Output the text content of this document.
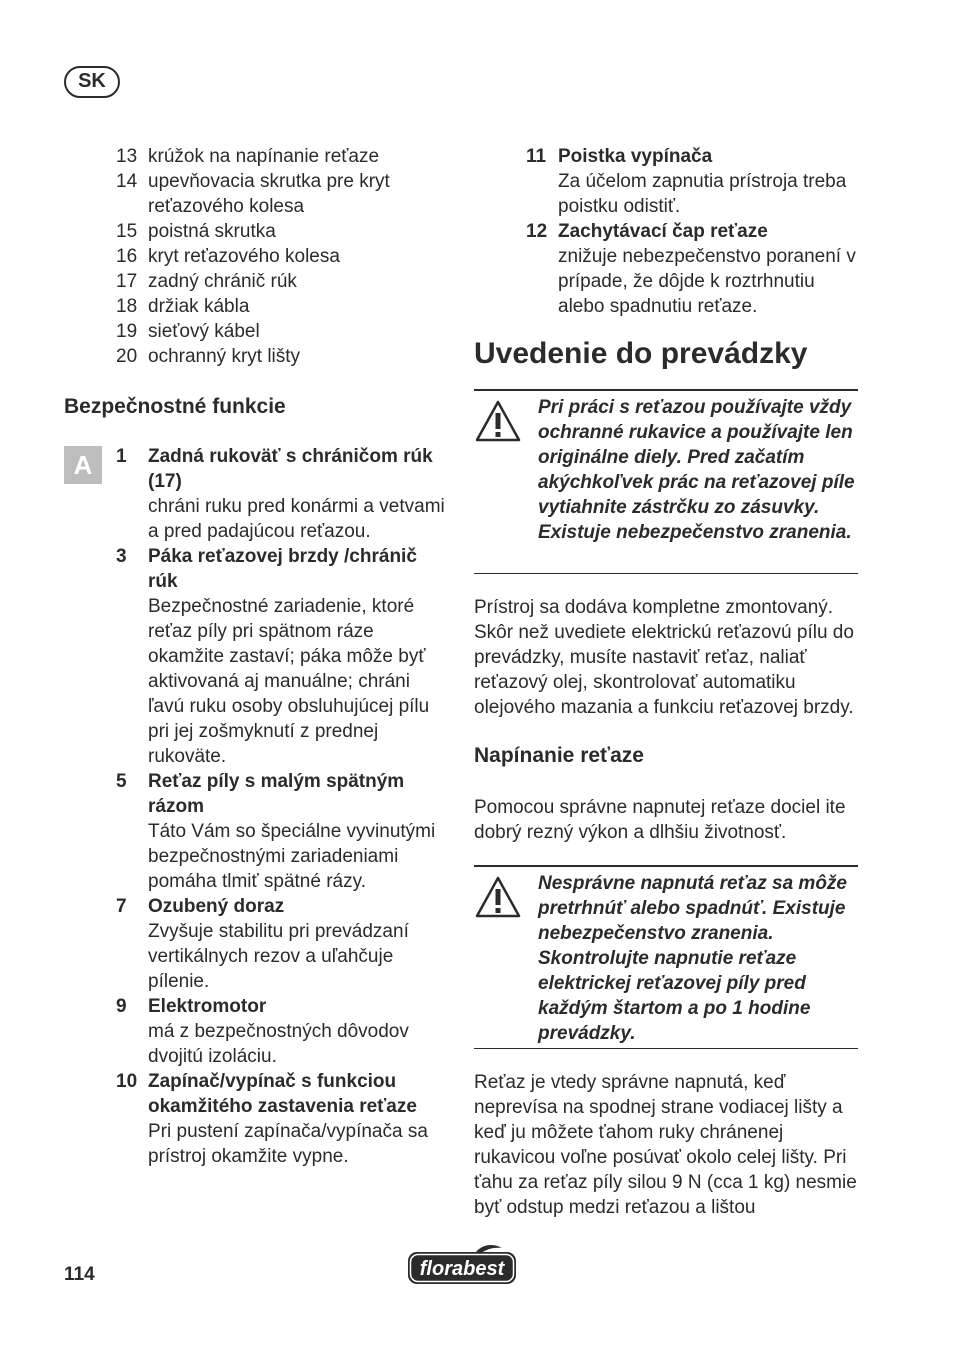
SK
13 krúžok na napínanie reťaze
14 upevňovacia skrutka pre kryt reťazového kolesa
15 poistná skrutka
16 kryt reťazového kolesa
17 zadný chránič rúk
18 držiak kábla
19 sieťový kábel
20 ochranný kryt lišty
Bezpečnostné funkcie
A	1	Zadná rukoväť s chráničom rúk (17)
chráni ruku pred konármi a vetvami a pred padajúcou reťazou.
3	Páka reťazovej brzdy /chránič rúk
Bezpečnostné zariadenie, ktoré reťaz píly pri spätnom ráze okamžite zastaví; páka môže byť aktivovaná aj manuálne; chráni ľavú ruku osoby obsluhujúcej pílu pri jej zošmyknutí z prednej rukoväte.
5	Reťaz píly s malým spätným rázom
Táto Vám so špeciálne vyvinutými bezpečnostnými zariadeniami pomáha tlmiť spätné rázy.
7	Ozubený doraz
Zvyšuje stabilitu pri prevádzaní vertikálnych rezov a uľahčuje pílenie.
9	Elektromotor
má z bezpečnostných dôvodov dvojitú izoláciu.
10 Zapínač/vypínač s funkciou okamžitého zastavenia reťaze
Pri pustení zapínača/vypínača sa prístroj okamžite vypne.
11 Poistka vypínača
Za účelom zapnutia prístroja treba poistku odistiť.
12 Zachytávací čap reťaze
znižuje nebezpečenstvo poranení v prípade, že dôjde k roztrhnutiu alebo spadnutiu reťaze.
Uvedenie do prevádzky
Pri práci s reťazou používajte vždy ochranné rukavice a používajte len originálne diely. Pred začatím akýchkoľvek prác na reťazovej píle vytiahnite zástrčku zo zásuvky. Existuje nebezpečenstvo zranenia.
Prístroj sa dodáva kompletne zmontovaný. Skôr než uvediete elektrickú reťazovú pílu do prevádzky, musíte nastaviť reťaz, naliať reťazový olej, skontrolovať automatiku olejového mazania a funkciu reťazovej brzdy.
Napínanie reťaze
Pomocou správne napnutej reťaze dociel ite dobrý rezný výkon a dlhšiu životnosť.
Nesprávne napnutá reťaz sa môže pretrhnúť alebo spadnúť. Existuje nebezpečenstvo zranenia. Skontrolujte napnutie reťaze elektrickej reťazovej píly pred každým štartom a po 1 hodine prevádzky.
Reťaz je vtedy správne napnutá, keď neprevísa na spodnej strane vodiacej lišty a keď ju môžete ťahom ruky chránenej rukavicou voľne posúvať okolo celej lišty. Pri ťahu za reťaz píly silou 9 N (cca 1 kg) nesmie byť odstup medzi reťazou a lištou
114	florabest
